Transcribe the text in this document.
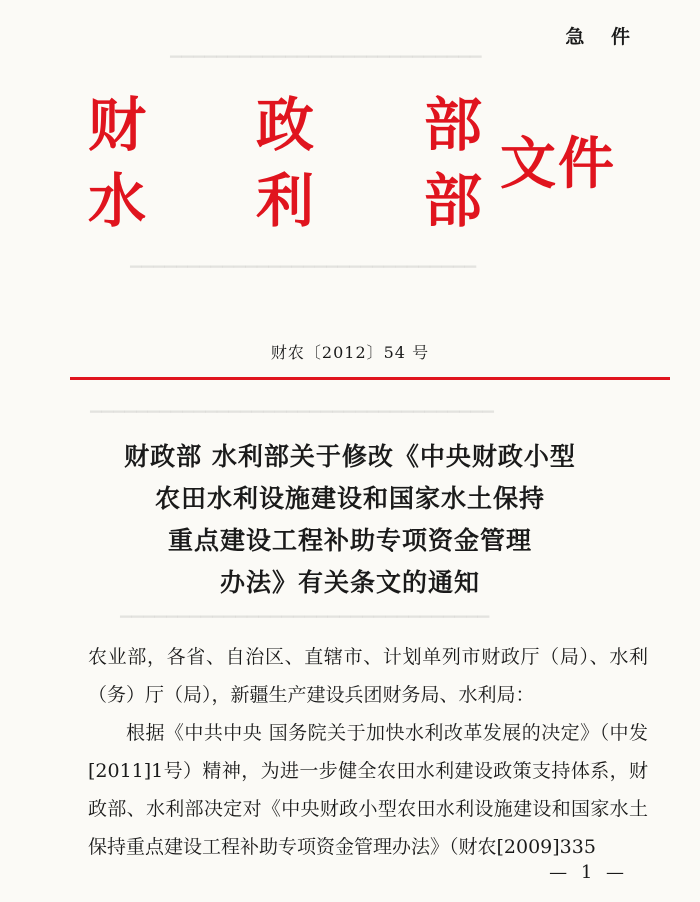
▁▁▁▁▁▁▁▁▁▁▁▁▁▁▁▁▁▁▁▁▁▁▁▁▁▁▁
▁▁▁▁▁▁▁▁▁▁▁▁▁▁▁▁▁▁▁▁▁▁▁▁▁▁▁▁▁▁
▁▁▁▁▁▁▁▁▁▁▁▁▁▁▁▁▁▁▁▁▁▁▁▁▁▁▁▁▁▁▁▁▁▁▁
▁▁▁▁▁▁▁▁▁▁▁▁▁▁▁▁▁▁▁▁▁▁▁▁▁▁▁▁▁▁▁▁
急 件
财 政 部
水 利 部
文件
财农〔2012〕54 号
财政部 水利部关于修改《中央财政小型
农田水利设施建设和国家水土保持
重点建设工程补助专项资金管理
办法》有关条文的通知

农业部，各省、自治区、直辖市、计划单列市财政厅（局）、水利（务）厅（局），新疆生产建设兵团财务局、水利局：

根据《中共中央 国务院关于加快水利改革发展的决定》（中发[2011]1号）精神，为进一步健全农田水利建设政策支持体系，财政部、水利部决定对《中央财政小型农田水利设施建设和国家水土保持重点建设工程补助专项资金管理办法》（财农[2009]335

— 1 —
